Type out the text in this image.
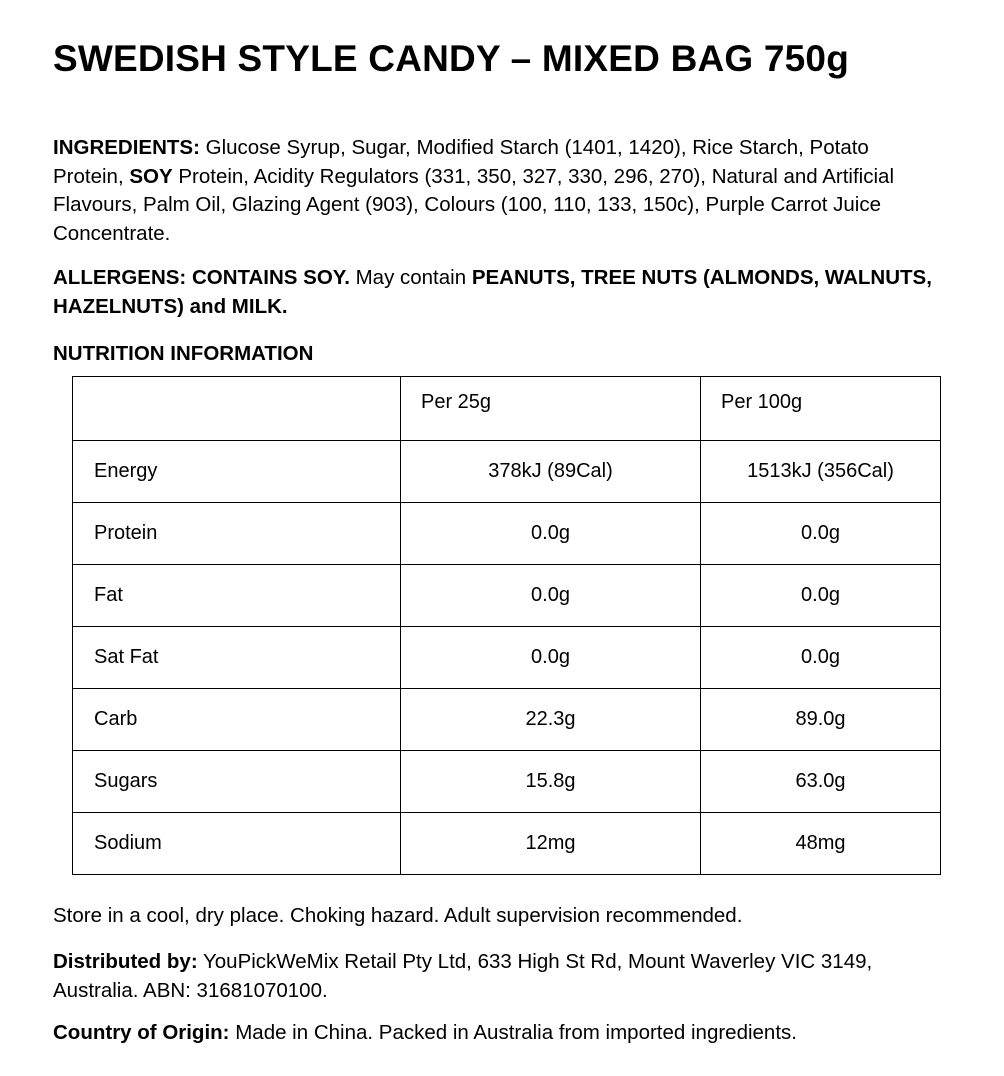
SWEDISH STYLE CANDY – MIXED BAG 750g

INGREDIENTS: Glucose Syrup, Sugar, Modified Starch (1401, 1420), Rice Starch, Potato Protein, SOY Protein, Acidity Regulators (331, 350, 327, 330, 296, 270), Natural and Artificial Flavours, Palm Oil, Glazing Agent (903), Colours (100, 110, 133, 150c), Purple Carrot Juice Concentrate.

ALLERGENS: CONTAINS SOY. May contain PEANUTS, TREE NUTS (ALMONDS, WALNUTS, HAZELNUTS) and MILK.

NUTRITION INFORMATION

	Per 25g	Per 100g
Energy	378kJ (89Cal)	1513kJ (356Cal)
Protein	0.0g	0.0g
Fat	0.0g	0.0g
Sat Fat	0.0g	0.0g
Carb	22.3g	89.0g
Sugars	15.8g	63.0g
Sodium	12mg	48mg

Store in a cool, dry place. Choking hazard. Adult supervision recommended.

Distributed by: YouPickWeMix Retail Pty Ltd, 633 High St Rd, Mount Waverley VIC 3149, Australia. ABN: 31681070100.

Country of Origin: Made in China. Packed in Australia from imported ingredients.
